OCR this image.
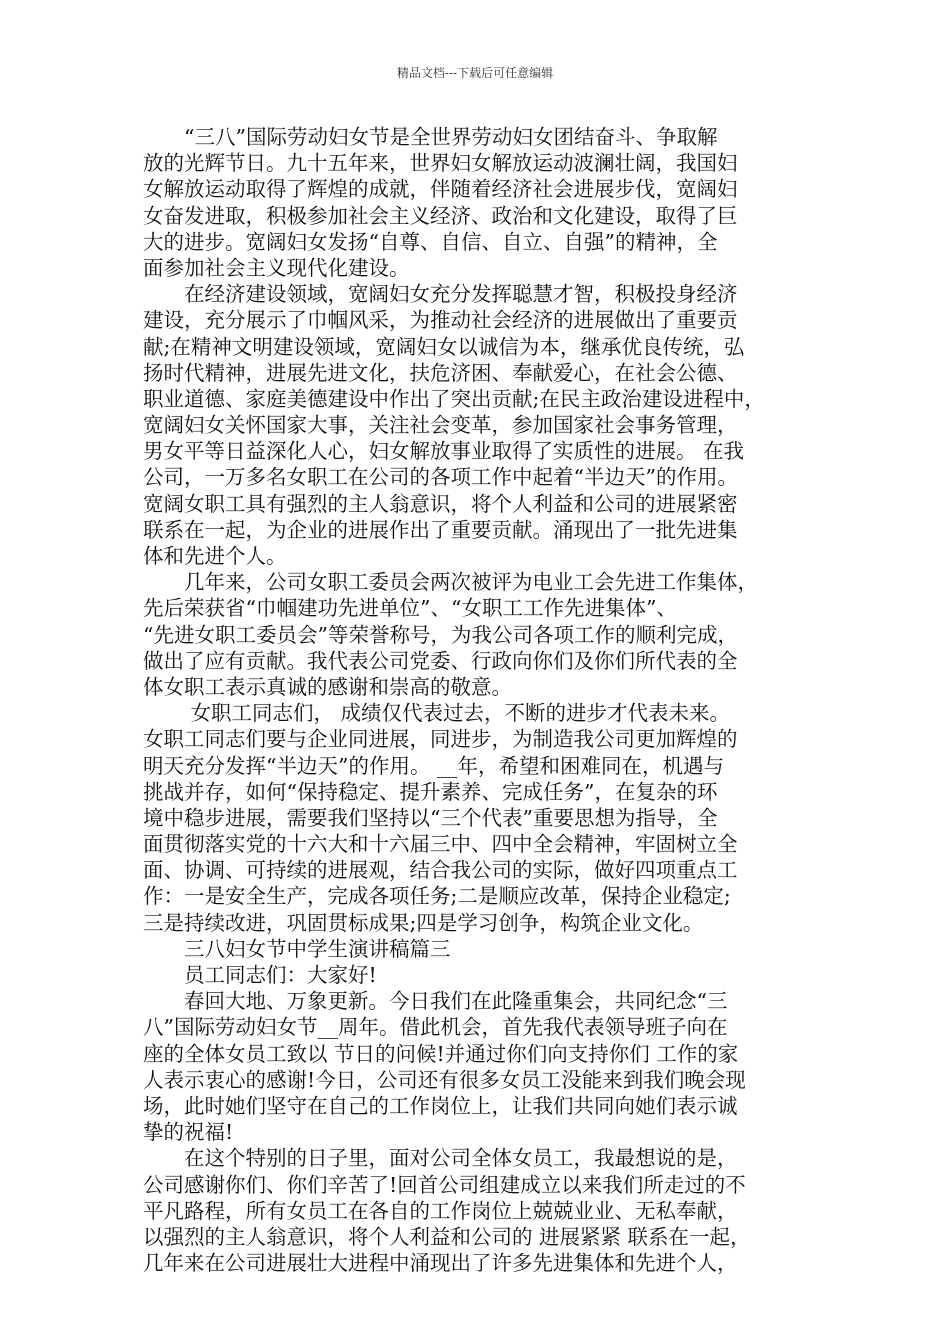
精品文档---下载后可任意编辑
　　“三八”国际劳动妇女节是全世界劳动妇女团结奋斗、争取解
放的光辉节日。九十五年来，世界妇女解放运动波澜壮阔，我国妇
女解放运动取得了辉煌的成就，伴随着经济社会进展步伐，宽阔妇
女奋发进取，积极参加社会主义经济、政治和文化建设，取得了巨
大的进步。宽阔妇女发扬“自尊、自信、自立、自强”的精神，全
面参加社会主义现代化建设。
　　在经济建设领域，宽阔妇女充分发挥聪慧才智，积极投身经济
建设，充分展示了巾帼风采，为推动社会经济的进展做出了重要贡
献;在精神文明建设领域，宽阔妇女以诚信为本，继承优良传统，弘
扬时代精神，进展先进文化，扶危济困、奉献爱心，在社会公德、
职业道德、家庭美德建设中作出了突出贡献;在民主政治建设进程中，
宽阔妇女关怀国家大事，关注社会变革，参加国家社会事务管理，
男女平等日益深化人心，妇女解放事业取得了实质性的进展。 在我
公司，一万多名女职工在公司的各项工作中起着“半边天”的作用。
宽阔女职工具有强烈的主人翁意识，将个人利益和公司的进展紧密
联系在一起，为企业的进展作出了重要贡献。涌现出了一批先进集
体和先进个人。
　　几年来，公司女职工委员会两次被评为电业工会先进工作集体，
先后荣获省“巾帼建功先进单位”、“女职工工作先进集体”、
“先进女职工委员会”等荣誉称号，为我公司各项工作的顺利完成，
做出了应有贡献。我代表公司党委、行政向你们及你们所代表的全
体女职工表示真诚的感谢和崇高的敬意。
　　 女职工同志们， 成绩仅代表过去，不断的进步才代表未来。
女职工同志们要与企业同进展，同进步，为制造我公司更加辉煌的
明天充分发挥“半边天”的作用。 __年，希望和困难同在，机遇与
挑战并存，如何“保持稳定、提升素养、完成任务”，在复杂的环
境中稳步进展，需要我们坚持以“三个代表”重要思想为指导，全
面贯彻落实党的十六大和十六届三中、四中全会精神，牢固树立全
面、协调、可持续的进展观，结合我公司的实际，做好四项重点工
作：一是安全生产，完成各项任务;二是顺应改革，保持企业稳定;
三是持续改进，巩固贯标成果;四是学习创争，构筑企业文化。
　　三八妇女节中学生演讲稿篇三
　　员工同志们：大家好!
　　春回大地、万象更新。今日我们在此隆重集会，共同纪念“三
八”国际劳动妇女节__周年。借此机会，首先我代表领导班子向在
座的全体女员工致以 节日的问候!并通过你们向支持你们 工作的家
人表示衷心的感谢!今日，公司还有很多女员工没能来到我们晚会现
场，此时她们坚守在自己的工作岗位上，让我们共同向她们表示诚
挚的祝福!
　　在这个特别的日子里，面对公司全体女员工，我最想说的是，
公司感谢你们、你们辛苦了!回首公司组建成立以来我们所走过的不
平凡路程，所有女员工在各自的工作岗位上兢兢业业、无私奉献，
以强烈的主人翁意识，将个人利益和公司的 进展紧紧 联系在一起，
几年来在公司进展壮大进程中涌现出了许多先进集体和先进个人，
